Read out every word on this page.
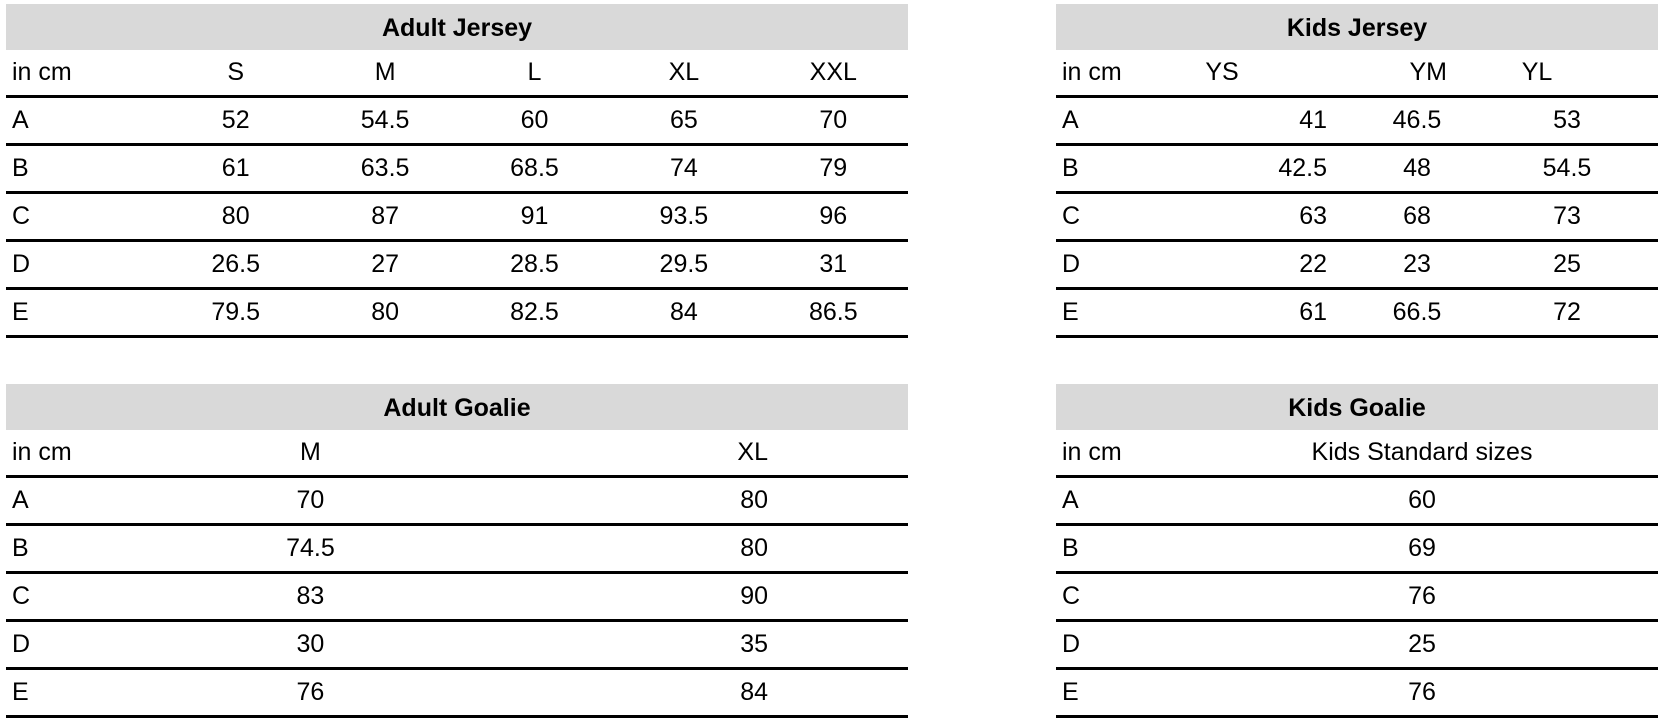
Adult Jersey
in cm	S	M	L	XL	XXL
A	52	54.5	60	65	70
B	61	63.5	68.5	74	79
C	80	87	91	93.5	96
D	26.5	27	28.5	29.5	31
E	79.5	80	82.5	84	86.5
Kids Jersey
in cm	YS	YM	YL
A	41	46.5	53
B	42.5	48	54.5
C	63	68	73
D	22	23	25
E	61	66.5	72
Adult Goalie
in cm	M	XL
A	70	80
B	74.5	80
C	83	90
D	30	35
E	76	84
Kids Goalie
in cm	Kids Standard sizes
A	60
B	69
C	76
D	25
E	76
